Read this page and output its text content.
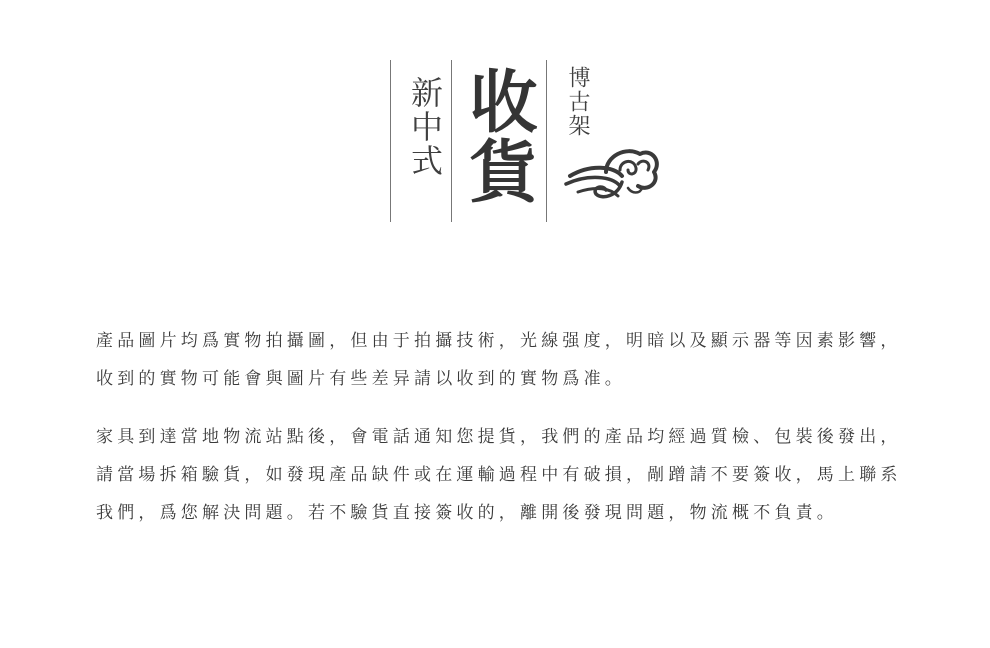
新中式 收貨 博古架

產品圖片均爲實物拍攝圖，但由于拍攝技術，光線强度，明暗以及顯示器等因素影響，收到的實物可能會與圖片有些差异請以收到的實物爲准。

家具到達當地物流站點後，會電話通知您提貨，我們的產品均經過質檢、包裝後發出，請當場拆箱驗貨，如發現產品缺件或在運輸過程中有破損，剮蹭請不要簽收，馬上聯系我們，爲您解決問題。若不驗貨直接簽收的，離開後發現問題，物流概不負責。
